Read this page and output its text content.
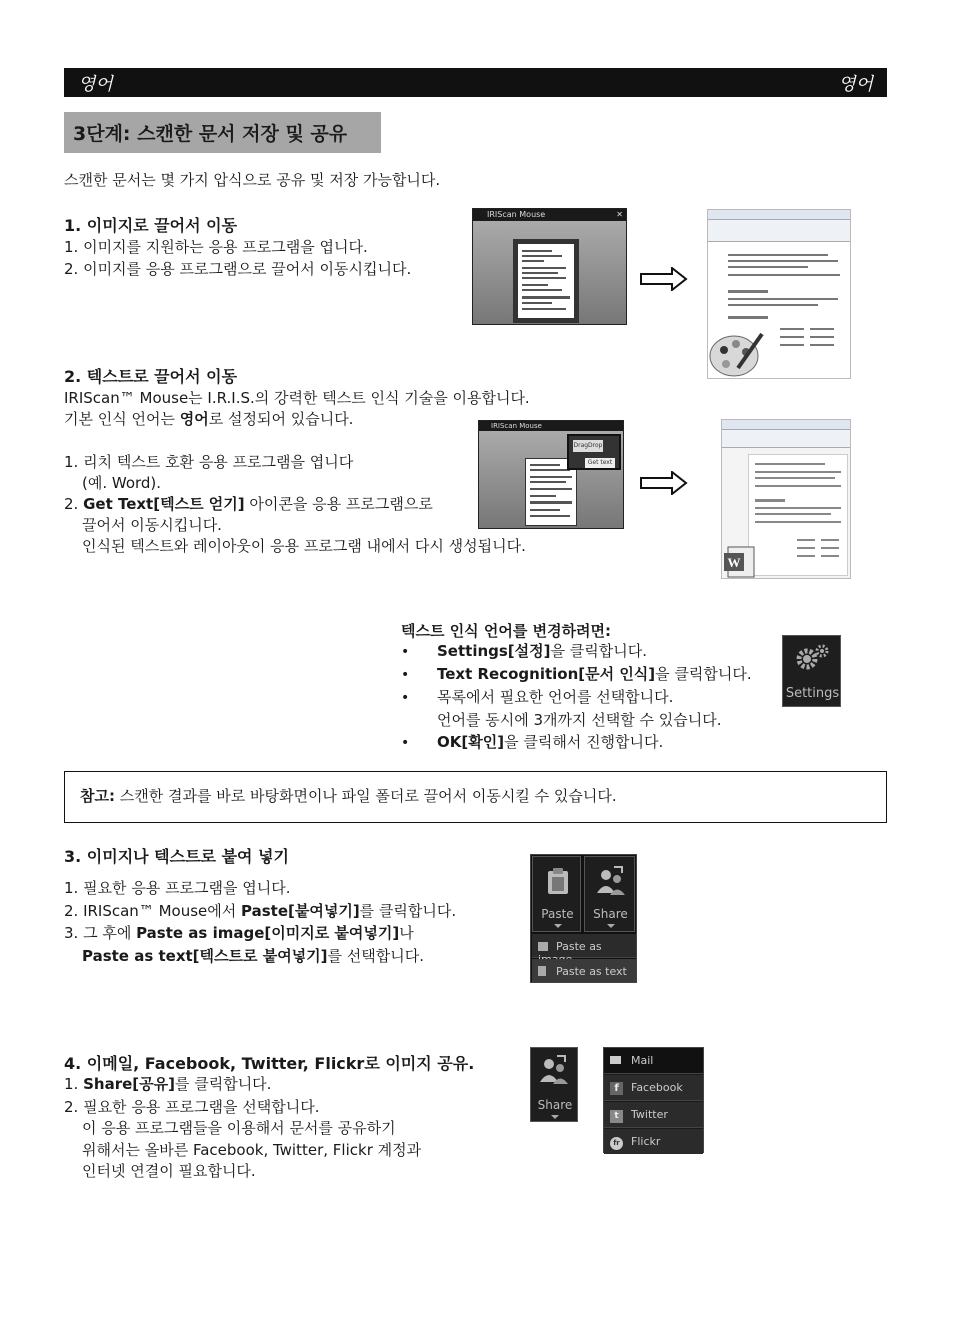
영어	영어
3단계: 스캔한 문서 저장 및 공유
스캔한 문서는 몇 가지 압식으로 공유 및 저장 가능합니다.
1. 이미지로 끌어서 이동
1. 이미지를 지원하는 응용 프로그램을 엽니다.
2. 이미지를 응용 프로그램으로 끌어서 이동시킵니다.
IRIScan Mouse	✕
2. 텍스트로 끌어서 이동
IRIScan™ Mouse는 I.R.I.S.의 강력한 텍스트 인식 기술을 이용합니다.
기본 인식 언어는 영어로 설정되어 있습니다.
1. 리치 텍스트 호환 응용 프로그램을 엽니다
(예. Word).
2. Get Text[텍스트 얻기] 아이콘을 응용 프로그램으로
끌어서 이동시킵니다.
인식된 텍스트와 레이아웃이 응용 프로그램 내에서 다시 생성됩니다.
IRIScan Mouse
DragDrop
Get text
W
텍스트 인식 언어를 변경하려면:
• Settings[설정]을 클릭합니다.
• Text Recognition[문서 인식]을 클릭합니다.
• 목록에서 필요한 언어를 선택합니다.
언어를 동시에 3개까지 선택할 수 있습니다.
• OK[확인]을 클릭해서 진행합니다.
Settings
참고: 스캔한 결과를 바로 바탕화면이나 파일 폴더로 끌어서 이동시킬 수 있습니다.
3. 이미지나 텍스트로 붙여 넣기
1. 필요한 응용 프로그램을 엽니다.
2. IRIScan™ Mouse에서 Paste[붙여넣기]를 클릭합니다.
3. 그 후에 Paste as image[이미지로 붙여넣기]나
Paste as text[텍스트로 붙여넣기]를 선택합니다.
Paste	Share
Paste as
Paste as text
4. 이메일, Facebook, Twitter, Flickr로 이미지 공유.
1. Share[공유]를 클릭합니다.
2. 필요한 응용 프로그램을 선택합니다.
이 응용 프로그램들을 이용해서 문서를 공유하기
위해서는 올바른 Facebook, Twitter, Flickr 계정과
인터넷 연결이 필요합니다.
Share
Mail
f Facebook
t Twitter
fr Flickr
